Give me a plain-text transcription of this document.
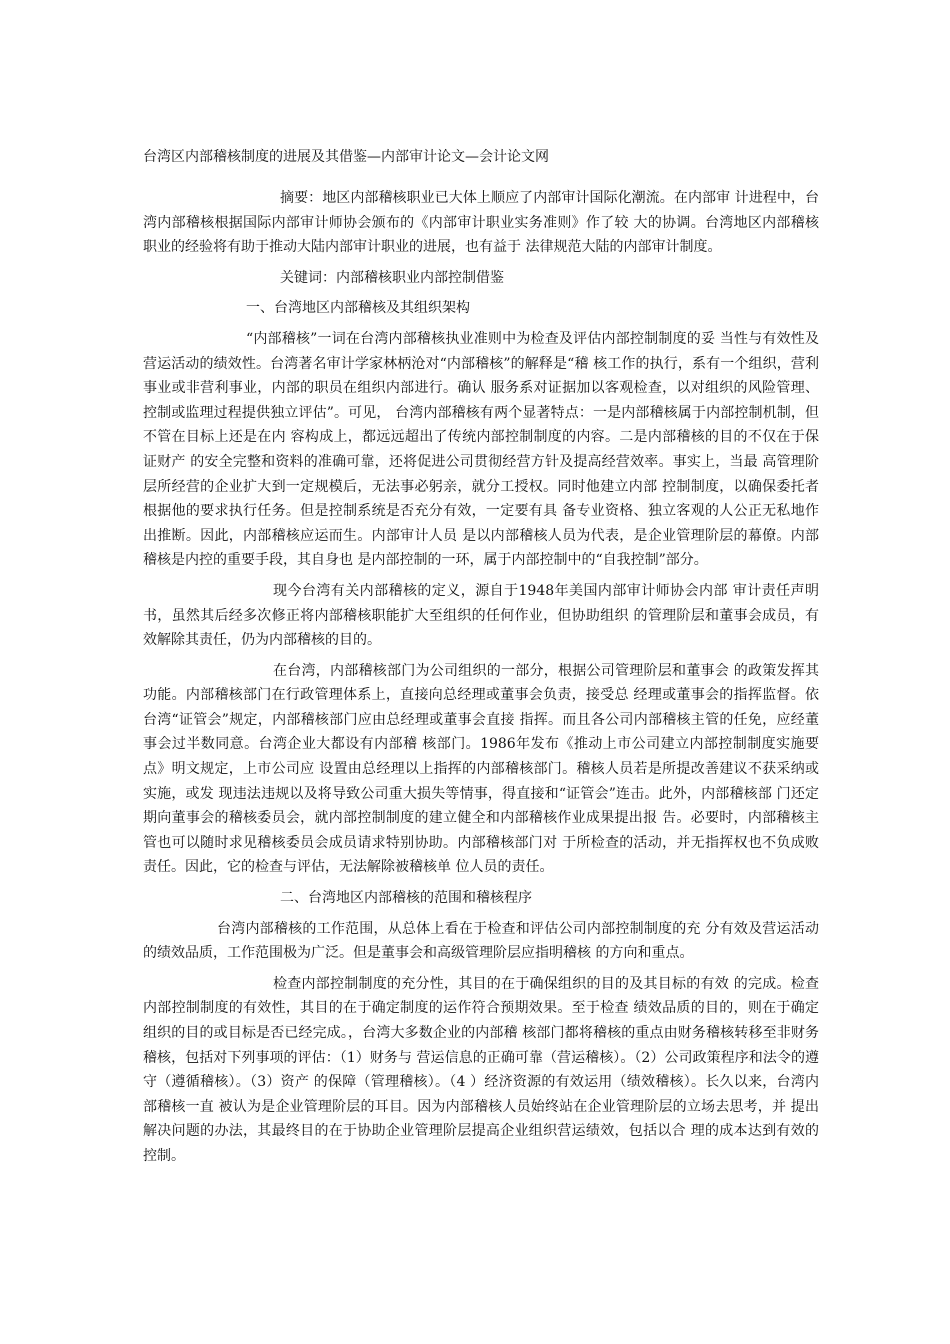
台湾区内部稽核制度的进展及其借鉴—内部审计论文—会计论文网

摘要：地区内部稽核职业已大体上顺应了内部审计国际化潮流。在内部审 计进程中，台湾内部稽核根据国际内部审计师协会颁布的《内部审计职业实务准则》作了较 大的协调。台湾地区内部稽核职业的经验将有助于推动大陆内部审计职业的进展，也有益于 法律规范大陆的内部审计制度。

关键词：内部稽核职业内部控制借鉴

一、台湾地区内部稽核及其组织架构

“内部稽核”一词在台湾内部稽核执业准则中为检查及评估内部控制制度的妥 当性与有效性及营运活动的绩效性。台湾著名审计学家林柄沧对“内部稽核”的解释是“稽 核工作的执行，系有一个组织，营利事业或非营利事业，内部的职员在组织内部进行。确认 服务系对证据加以客观检查，以对组织的风险管理、控制或监理过程提供独立评估”。可见， 台湾内部稽核有两个显著特点：一是内部稽核属于内部控制机制，但不管在目标上还是在内 容构成上，都远远超出了传统内部控制制度的内容。二是内部稽核的目的不仅在于保证财产 的安全完整和资料的准确可靠，还将促进公司贯彻经营方针及提高经营效率。事实上，当最 高管理阶层所经营的企业扩大到一定规模后，无法事必躬亲，就分工授权。同时他建立内部 控制制度，以确保委托者根据他的要求执行任务。但是控制系统是否充分有效，一定要有具 备专业资格、独立客观的人公正无私地作出推断。因此，内部稽核应运而生。内部审计人员 是以内部稽核人员为代表，是企业管理阶层的幕僚。内部稽核是内控的重要手段，其自身也 是内部控制的一环，属于内部控制中的“自我控制”部分。

现今台湾有关内部稽核的定义，源自于1948年美国内部审计师协会内部 审计责任声明书，虽然其后经多次修正将内部稽核职能扩大至组织的任何作业，但协助组织 的管理阶层和董事会成员，有效解除其责任，仍为内部稽核的目的。

在台湾，内部稽核部门为公司组织的一部分，根据公司管理阶层和董事会 的政策发挥其功能。内部稽核部门在行政管理体系上，直接向总经理或董事会负责，接受总 经理或董事会的指挥监督。依台湾“证管会”规定，内部稽核部门应由总经理或董事会直接 指挥。而且各公司内部稽核主管的任免，应经董事会过半数同意。台湾企业大都设有内部稽 核部门。1986年发布《推动上市公司建立内部控制制度实施要点》明文规定，上市公司应 设置由总经理以上指挥的内部稽核部门。稽核人员若是所提改善建议不获采纳或实施，或发 现违法违规以及将导致公司重大损失等情事，得直接和“证管会”连击。此外，内部稽核部 门还定期向董事会的稽核委员会，就内部控制制度的建立健全和内部稽核作业成果提出报 告。必要时，内部稽核主管也可以随时求见稽核委员会成员请求特别协助。内部稽核部门对 于所检查的活动，并无指挥权也不负成败责任。因此，它的检查与评估，无法解除被稽核单 位人员的责任。

二、台湾地区内部稽核的范围和稽核程序

台湾内部稽核的工作范围，从总体上看在于检查和评估公司内部控制制度的充 分有效及营运活动的绩效品质，工作范围极为广泛。但是董事会和高级管理阶层应指明稽核 的方向和重点。

检查内部控制制度的充分性，其目的在于确保组织的目的及其目标的有效 的完成。检查内部控制制度的有效性，其目的在于确定制度的运作符合预期效果。至于检查 绩效品质的目的，则在于确定组织的目的或目标是否已经完成。，台湾大多数企业的内部稽 核部门都将稽核的重点由财务稽核转移至非财务稽核，包括对下列事项的评估：（1）财务与 营运信息的正确可靠（营运稽核）。（2）公司政策程序和法令的遵守（遵循稽核）。（3）资产 的保障（管理稽核）。（4 ）经济资源的有效运用（绩效稽核）。长久以来，台湾内部稽核一直 被认为是企业管理阶层的耳目。因为内部稽核人员始终站在企业管理阶层的立场去思考，并 提出解决问题的办法，其最终目的在于协助企业管理阶层提高企业组织营运绩效，包括以合 理的成本达到有效的控制。
